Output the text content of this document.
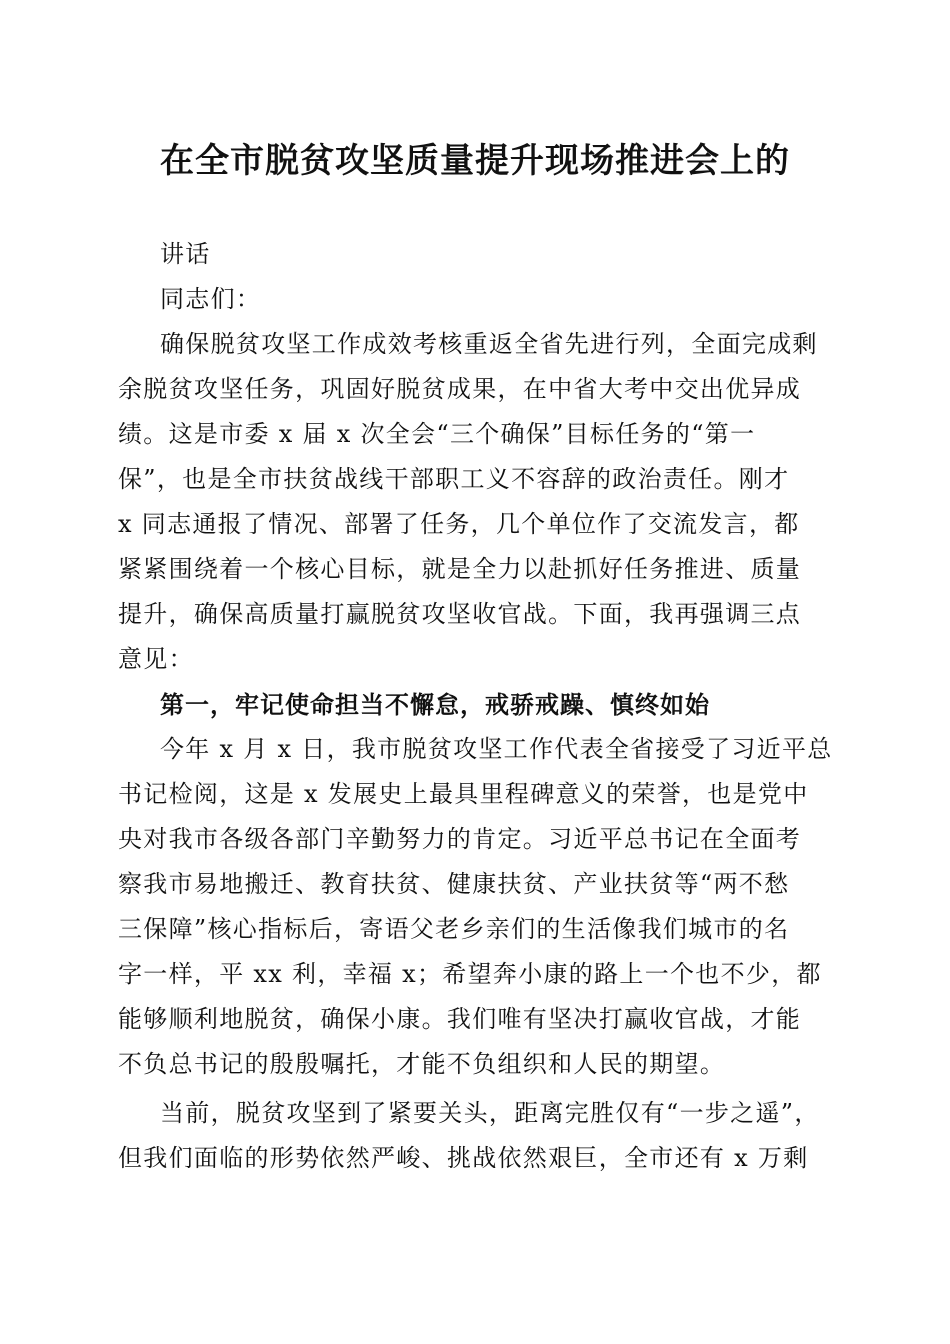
在全市脱贫攻坚质量提升现场推进会上的
讲话
同志们：
确保脱贫攻坚工作成效考核重返全省先进行列，全面完成剩
余脱贫攻坚任务，巩固好脱贫成果，在中省大考中交出优异成
绩。这是市委 x 届 x 次全会“三个确保”目标任务的“第一
保”，也是全市扶贫战线干部职工义不容辞的政治责任。刚才
x 同志通报了情况、部署了任务，几个单位作了交流发言，都
紧紧围绕着一个核心目标，就是全力以赴抓好任务推进、质量
提升，确保高质量打赢脱贫攻坚收官战。下面，我再强调三点
意见：
第一，牢记使命担当不懈怠，戒骄戒躁、慎终如始
今年 x 月 x 日，我市脱贫攻坚工作代表全省接受了习近平总
书记检阅，这是 x 发展史上最具里程碑意义的荣誉，也是党中
央对我市各级各部门辛勤努力的肯定。习近平总书记在全面考
察我市易地搬迁、教育扶贫、健康扶贫、产业扶贫等“两不愁
三保障”核心指标后，寄语父老乡亲们的生活像我们城市的名
字一样，平 xx 利，幸福 x；希望奔小康的路上一个也不少，都
能够顺利地脱贫，确保小康。我们唯有坚决打赢收官战，才能
不负总书记的殷殷嘱托，才能不负组织和人民的期望。
当前，脱贫攻坚到了紧要关头，距离完胜仅有“一步之遥”，
但我们面临的形势依然严峻、挑战依然艰巨，全市还有 x 万剩
